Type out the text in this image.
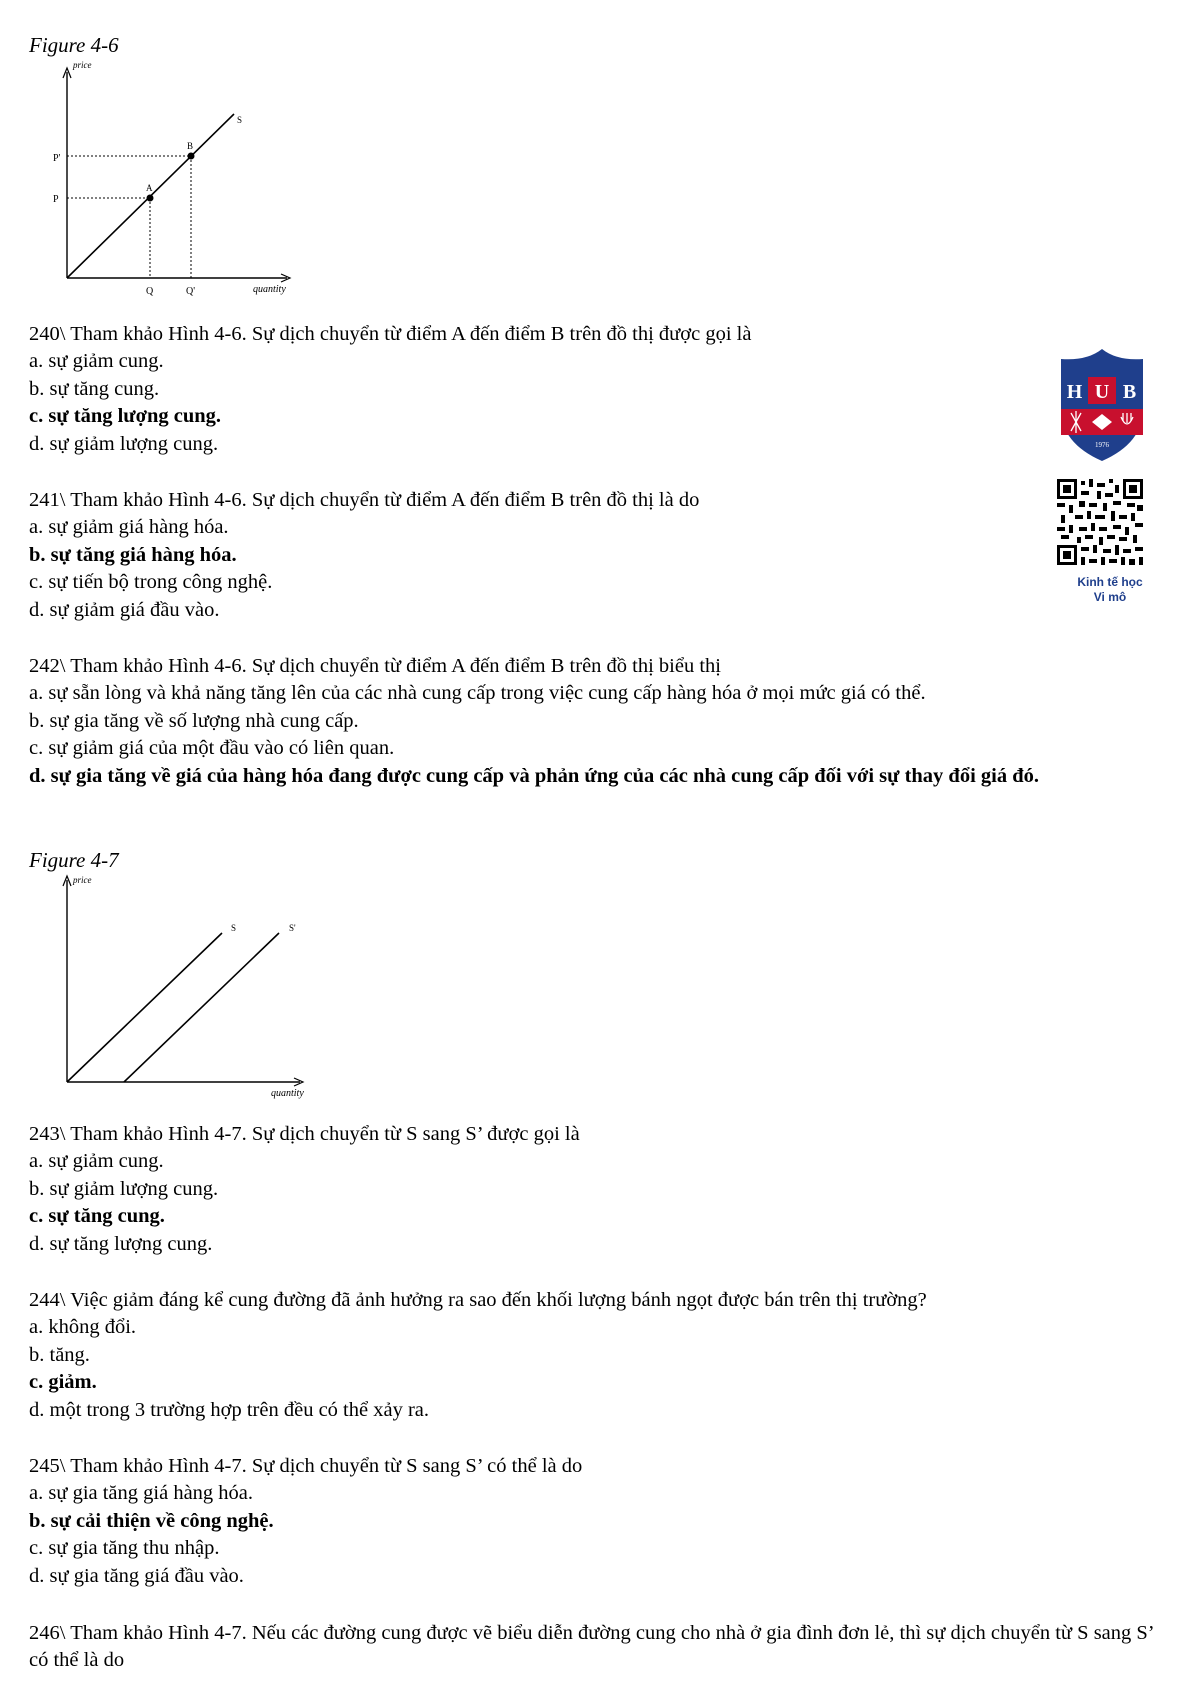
Figure 4-6
price
quantity
S
A
B
P
P'
Q	Q'
240\ Tham khảo Hình 4-6. Sự dịch chuyển từ điểm A đến điểm B trên đồ thị được gọi là
a. sự giảm cung.
b. sự tăng cung.
c. sự tăng lượng cung.
d. sự giảm lượng cung.
241\ Tham khảo Hình 4-6. Sự dịch chuyển từ điểm A đến điểm B trên đồ thị là do
a. sự giảm giá hàng hóa.
b. sự tăng giá hàng hóa.
c. sự tiến bộ trong công nghệ.
d. sự giảm giá đầu vào.
242\ Tham khảo Hình 4-6. Sự dịch chuyển từ điểm A đến điểm B trên đồ thị biểu thị
a. sự sẵn lòng và khả năng tăng lên của các nhà cung cấp trong việc cung cấp hàng hóa ở mọi mức giá có thể.
b. sự gia tăng về số lượng nhà cung cấp.
c. sự giảm giá của một đầu vào có liên quan.
d. sự gia tăng về giá của hàng hóa đang được cung cấp và phản ứng của các nhà cung cấp đối với sự thay đổi giá đó.
Figure 4-7
price
quantity
S	S'
243\ Tham khảo Hình 4-7. Sự dịch chuyển từ S sang S’ được gọi là
a. sự giảm cung.
b. sự giảm lượng cung.
c. sự tăng cung.
d. sự tăng lượng cung.
244\ Việc giảm đáng kể cung đường đã ảnh hưởng ra sao đến khối lượng bánh ngọt được bán trên thị trường?
a. không đổi.
b. tăng.
c. giảm.
d. một trong 3 trường hợp trên đều có thể xảy ra.
245\ Tham khảo Hình 4-7. Sự dịch chuyển từ S sang S’ có thể là do
a. sự gia tăng giá hàng hóa.
b. sự cải thiện về công nghệ.
c. sự gia tăng thu nhập.
d. sự gia tăng giá đầu vào.
246\ Tham khảo Hình 4-7. Nếu các đường cung được vẽ biểu diễn đường cung cho nhà ở gia đình đơn lẻ, thì sự dịch chuyển từ S sang S’ có thể là do
H U B
1976
Kinh tế học
Vi mô
